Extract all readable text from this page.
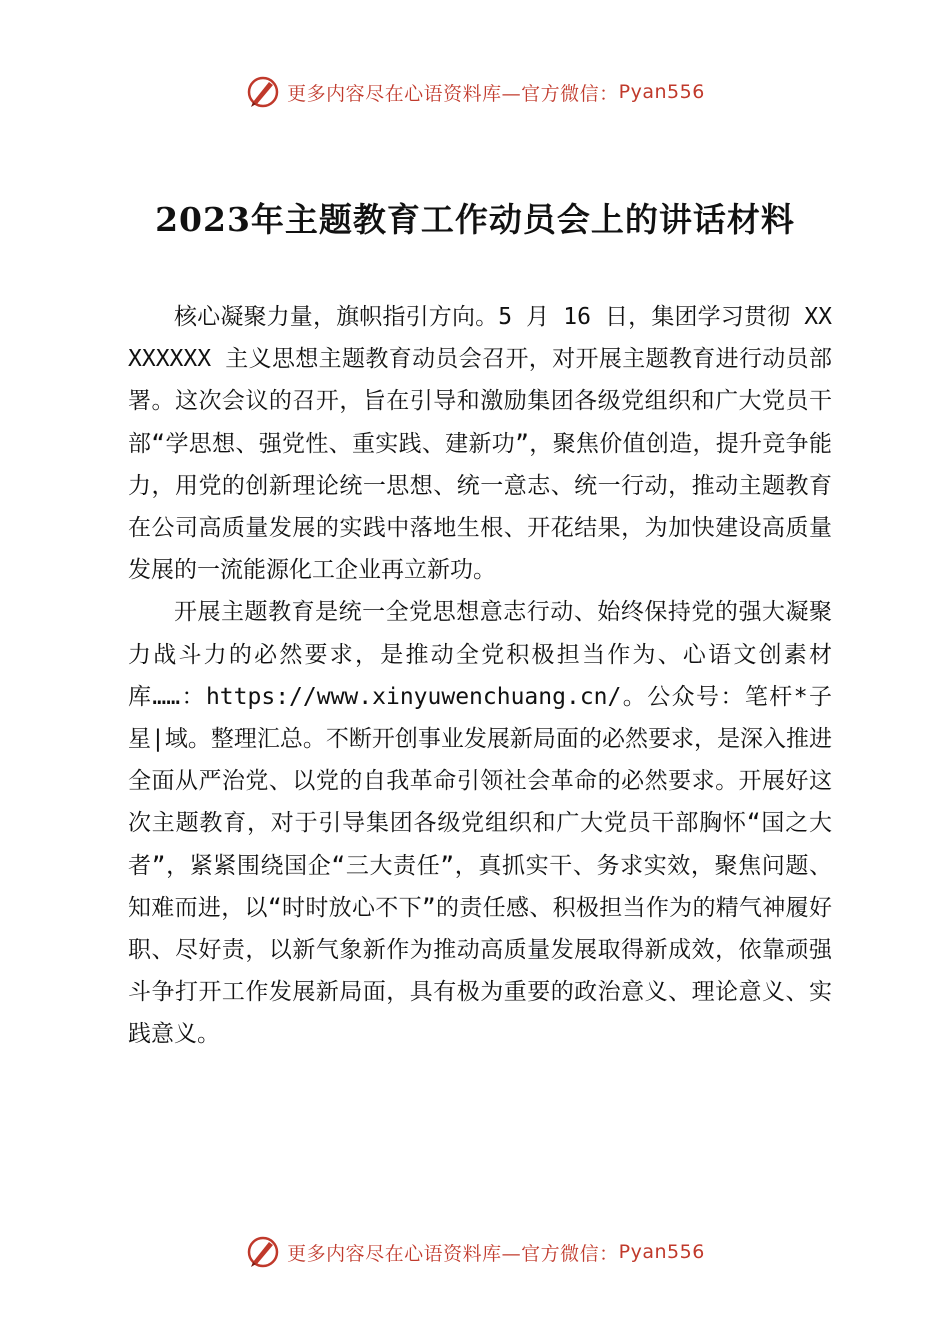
更多内容尽在心语资料库—官方微信： Pyan556
2023年主题教育工作动员会上的讲话材料

核心凝聚力量，旗帜指引方向。5 月 16 日，集团学习贯彻 XXXXXXXX 主义思想主题教育动员会召开，对开展主题教育进行动员部署。这次会议的召开，旨在引导和激励集团各级党组织和广大党员干部“学思想、强党性、重实践、建新功”，聚焦价值创造，提升竞争能力，用党的创新理论统一思想、统一意志、统一行动，推动主题教育在公司高质量发展的实践中落地生根、开花结果，为加快建设高质量发展的一流能源化工企业再立新功。

开展主题教育是统一全党思想意志行动、始终保持党的强大凝聚力战斗力的必然要求，是推动全党积极担当作为、心语文创素材库……：https://www.xinyuwenchuang.cn/。公众号：笔杆*子星|域。整理汇总。不断开创事业发展新局面的必然要求，是深入推进全面从严治党、以党的自我革命引领社会革命的必然要求。开展好这次主题教育，对于引导集团各级党组织和广大党员干部胸怀“国之大者”，紧紧围绕国企“三大责任”，真抓实干、务求实效，聚焦问题、知难而进，以“时时放心不下”的责任感、积极担当作为的精气神履好职、尽好责，以新气象新作为推动高质量发展取得新成效，依靠顽强斗争打开工作发展新局面，具有极为重要的政治意义、理论意义、实践意义。

更多内容尽在心语资料库—官方微信： Pyan556
